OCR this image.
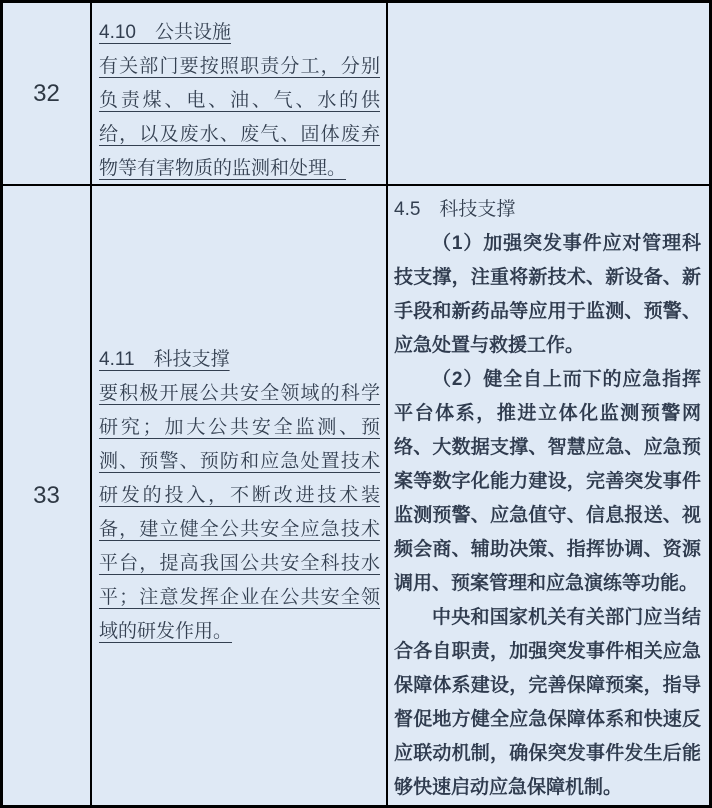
32

4.10　公共设施

有关部门要按照职责分工，分别负责煤、电、油、气、水的供给，以及废水、废气、固体废弃物等有害物质的监测和处理。

33

4.11　科技支撑

要积极开展公共安全领域的科学研究；加大公共安全监测、预测、预警、预防和应急处置技术研发的投入，不断改进技术装备，建立健全公共安全应急技术平台，提高我国公共安全科技水平；注意发挥企业在公共安全领域的研发作用。

4.5　科技支撑

（1）加强突发事件应对管理科技支撑，注重将新技术、新设备、新手段和新药品等应用于监测、预警、应急处置与救援工作。

（2）健全自上而下的应急指挥平台体系，推进立体化监测预警网络、大数据支撑、智慧应急、应急预案等数字化能力建设，完善突发事件监测预警、应急值守、信息报送、视频会商、辅助决策、指挥协调、资源调用、预案管理和应急演练等功能。

中央和国家机关有关部门应当结合各自职责，加强突发事件相关应急保障体系建设，完善保障预案，指导督促地方健全应急保障体系和快速反应联动机制，确保突发事件发生后能够快速启动应急保障机制。
